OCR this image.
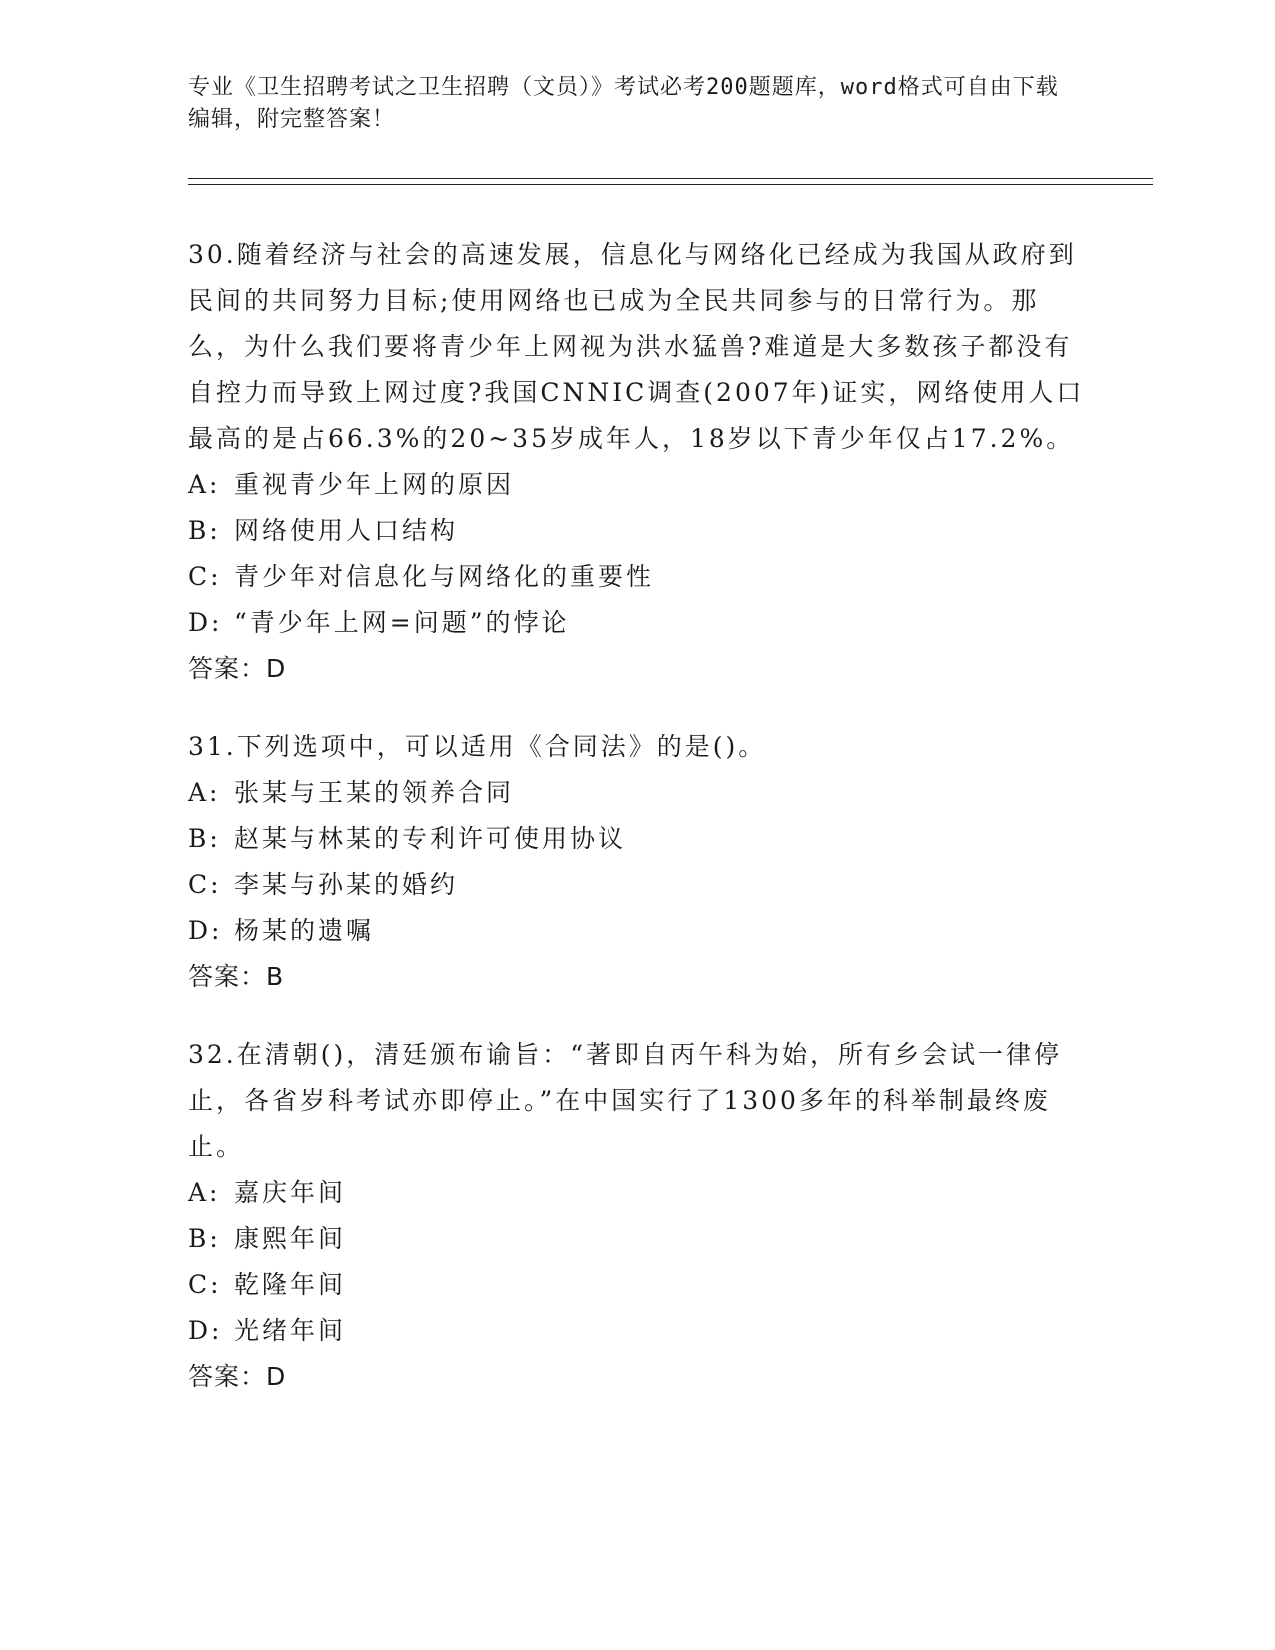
专业《卫生招聘考试之卫生招聘（文员）》考试必考200题题库，word格式可自由下载编辑，附完整答案！
30.随着经济与社会的高速发展，信息化与网络化已经成为我国从政府到民间的共同努力目标;使用网络也已成为全民共同参与的日常行为。那么，为什么我们要将青少年上网视为洪水猛兽?难道是大多数孩子都没有自控力而导致上网过度?我国CNNIC调查(2007年)证实，网络使用人口最高的是占66.3%的20~35岁成年人，18岁以下青少年仅占17.2%。
A: 重视青少年上网的原因
B: 网络使用人口结构
C: 青少年对信息化与网络化的重要性
D: “青少年上网=问题”的悖论
答案：D
31.下列选项中，可以适用《合同法》的是()。
A: 张某与王某的领养合同
B: 赵某与林某的专利许可使用协议
C: 李某与孙某的婚约
D: 杨某的遗嘱
答案：B
32.在清朝()，清廷颁布谕旨：“著即自丙午科为始，所有乡会试一律停止，各省岁科考试亦即停止。”在中国实行了1300多年的科举制最终废止。
A: 嘉庆年间
B: 康熙年间
C: 乾隆年间
D: 光绪年间
答案：D
